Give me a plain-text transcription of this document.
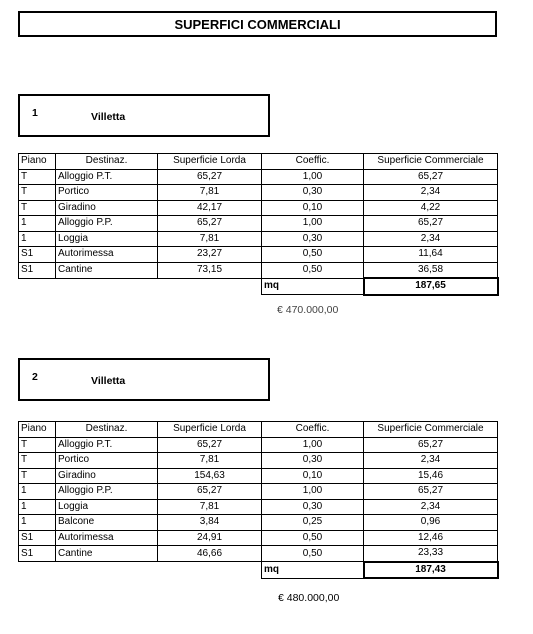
SUPERFICI COMMERCIALI
1	Villetta
Piano	Destinaz.	Superficie Lorda	Coeffic.	Superficie Commerciale
T	Alloggio P.T.	65,27	1,00	65,27
T	Portico	7,81	0,30	2,34
T	Giradino	42,17	0,10	4,22
1	Alloggio P.P.	65,27	1,00	65,27
1	Loggia	7,81	0,30	2,34
S1	Autorimessa	23,27	0,50	11,64
S1	Cantine	73,15	0,50	36,58
			mq	187,65
€ 470.000,00
2	Villetta
Piano	Destinaz.	Superficie Lorda	Coeffic.	Superficie Commerciale
T	Alloggio P.T.	65,27	1,00	65,27
T	Portico	7,81	0,30	2,34
T	Giradino	154,63	0,10	15,46
1	Alloggio P.P.	65,27	1,00	65,27
1	Loggia	7,81	0,30	2,34
1	Balcone	3,84	0,25	0,96
S1	Autorimessa	24,91	0,50	12,46
S1	Cantine	46,66	0,50	23,33
			mq	187,43
€ 480.000,00
